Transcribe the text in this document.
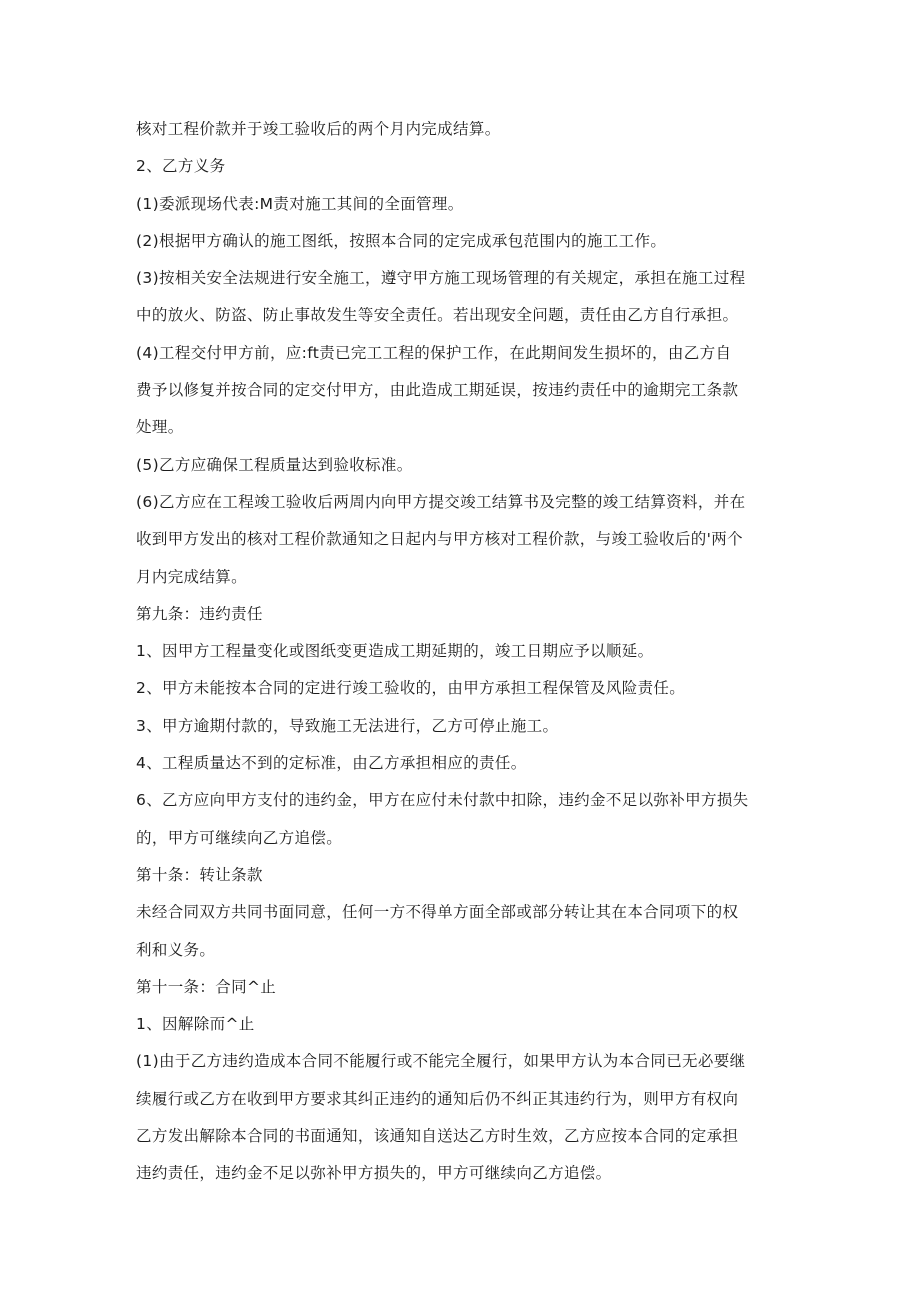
核对工程价款并于竣工验收后的两个月内完成结算。
2、乙方义务
(1)委派现场代表:M责对施工其间的全面管理。
(2)根据甲方确认的施工图纸，按照本合同的定完成承包范围内的施工工作。
(3)按相关安全法规进行安全施工，遵守甲方施工现场管理的有关规定，承担在施工过程
中的放火、防盗、防止事故发生等安全责任。若出现安全问题，责任由乙方自行承担。
(4)工程交付甲方前，应:ft责已完工工程的保护工作，在此期间发生损坏的，由乙方自
费予以修复并按合同的定交付甲方，由此造成工期延误，按违约责任中的逾期完工条款
处理。
(5)乙方应确保工程质量达到验收标准。
(6)乙方应在工程竣工验收后两周内向甲方提交竣工结算书及完整的竣工结算资料，并在
收到甲方发出的核对工程价款通知之日起内与甲方核对工程价款，与竣工验收后的'两个
月内完成结算。
第九条：违约责任
1、因甲方工程量变化或图纸变更造成工期延期的，竣工日期应予以顺延。
2、甲方未能按本合同的定进行竣工验收的，由甲方承担工程保管及风险责任。
3、甲方逾期付款的，导致施工无法进行，乙方可停止施工。
4、工程质量达不到的定标准，由乙方承担相应的责任。
6、乙方应向甲方支付的违约金，甲方在应付未付款中扣除，违约金不足以弥补甲方损失
的，甲方可继续向乙方追偿。
第十条：转让条款
未经合同双方共同书面同意，任何一方不得单方面全部或部分转让其在本合同项下的权
利和义务。
第十一条：合同^止
1、因解除而^止
(1)由于乙方违约造成本合同不能履行或不能完全履行，如果甲方认为本合同已无必要继
续履行或乙方在收到甲方要求其纠正违约的通知后仍不纠正其违约行为，则甲方有权向
乙方发出解除本合同的书面通知，该通知自送达乙方时生效，乙方应按本合同的定承担
违约责任，违约金不足以弥补甲方损失的，甲方可继续向乙方追偿。
